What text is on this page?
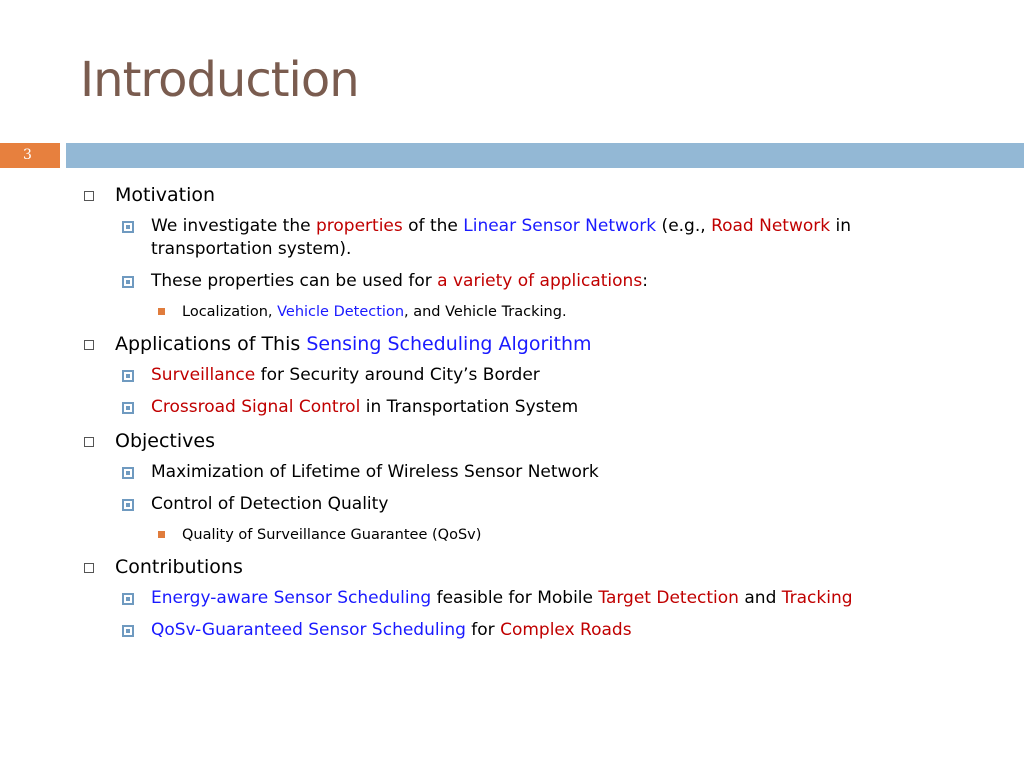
Introduction
3
Motivation
We investigate the properties of the Linear Sensor Network (e.g., Road Network in transportation system).
These properties can be used for a variety of applications:
Localization, Vehicle Detection, and Vehicle Tracking.
Applications of This Sensing Scheduling Algorithm
Surveillance for Security around City’s Border
Crossroad Signal Control in Transportation System
Objectives
Maximization of Lifetime of Wireless Sensor Network
Control of Detection Quality
Quality of Surveillance Guarantee (QoSv)
Contributions
Energy-aware Sensor Scheduling feasible for Mobile Target Detection and Tracking
QoSv-Guaranteed Sensor Scheduling for Complex Roads
